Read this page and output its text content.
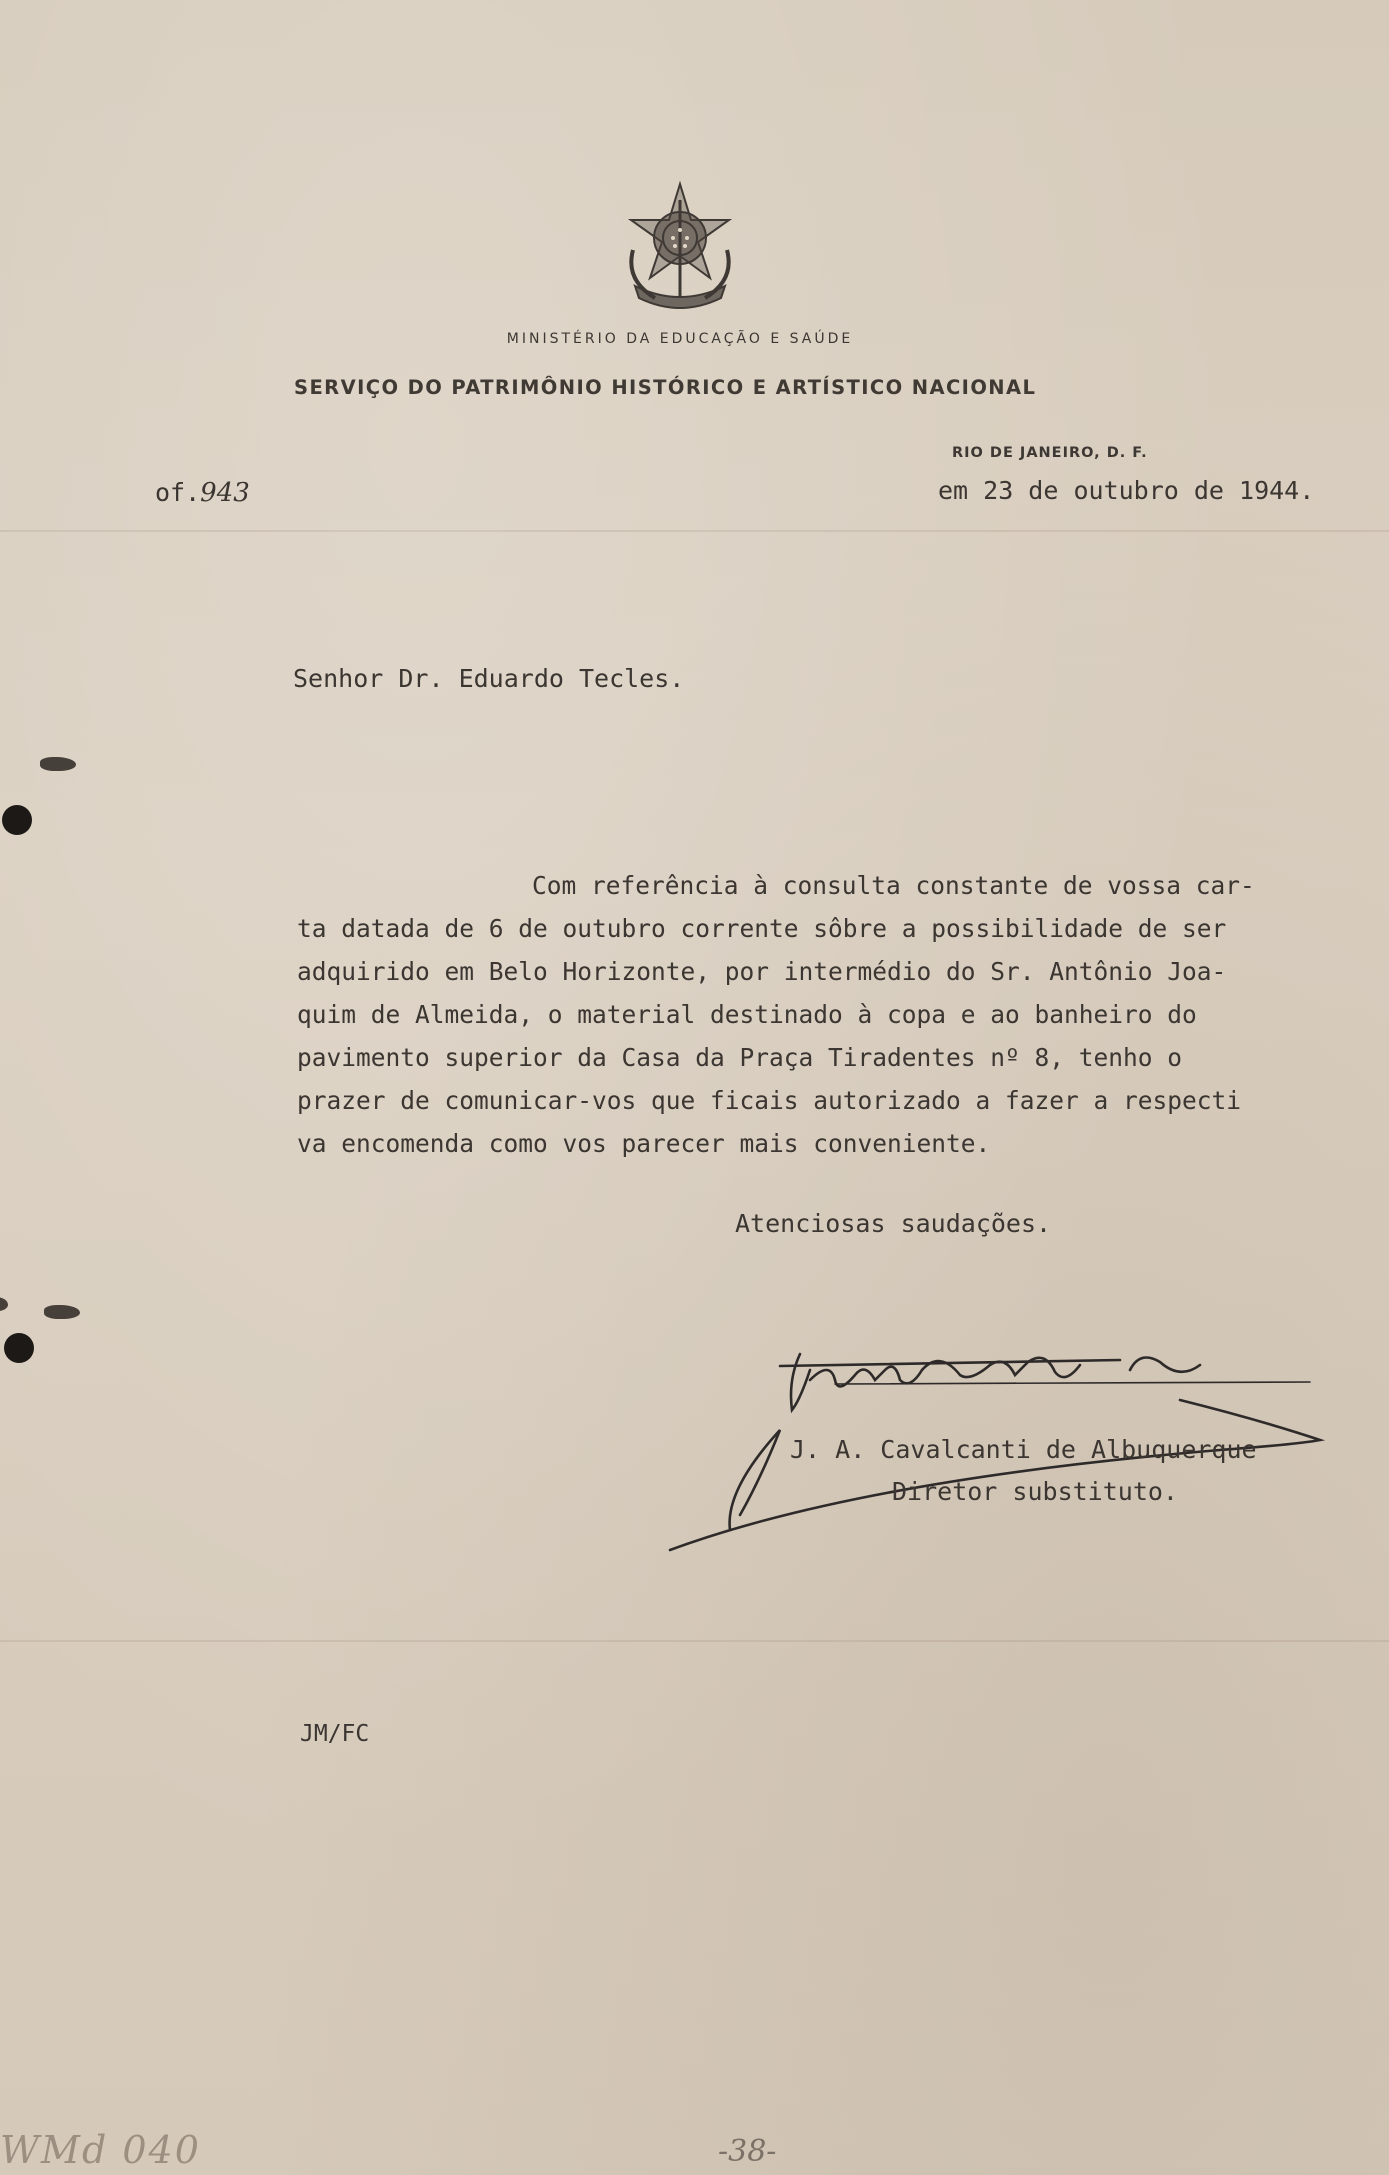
MINISTÉRIO DA EDUCAÇÃO E SAÚDE
SERVIÇO DO PATRIMÔNIO HISTÓRICO E ARTÍSTICO NACIONAL
RIO DE JANEIRO, D. F.
of.943	em 23 de outubro de 1944.
Senhor Dr. Eduardo Tecles.
Com referência à consulta constante de vossa car-
ta datada de 6 de outubro corrente sôbre a possibilidade de ser
adquirido em Belo Horizonte, por intermédio do Sr. Antônio Joa-
quim de Almeida, o material destinado à copa e ao banheiro do
pavimento superior da Casa da Praça Tiradentes nº 8, tenho o
prazer de comunicar-vos que ficais autorizado a fazer a respecti
va encomenda como vos parecer mais conveniente.
Atenciosas saudações.
J. A. Cavalcanti de Albuquerque
Diretor substituto.
JM/FC
WMd 040	-38-
